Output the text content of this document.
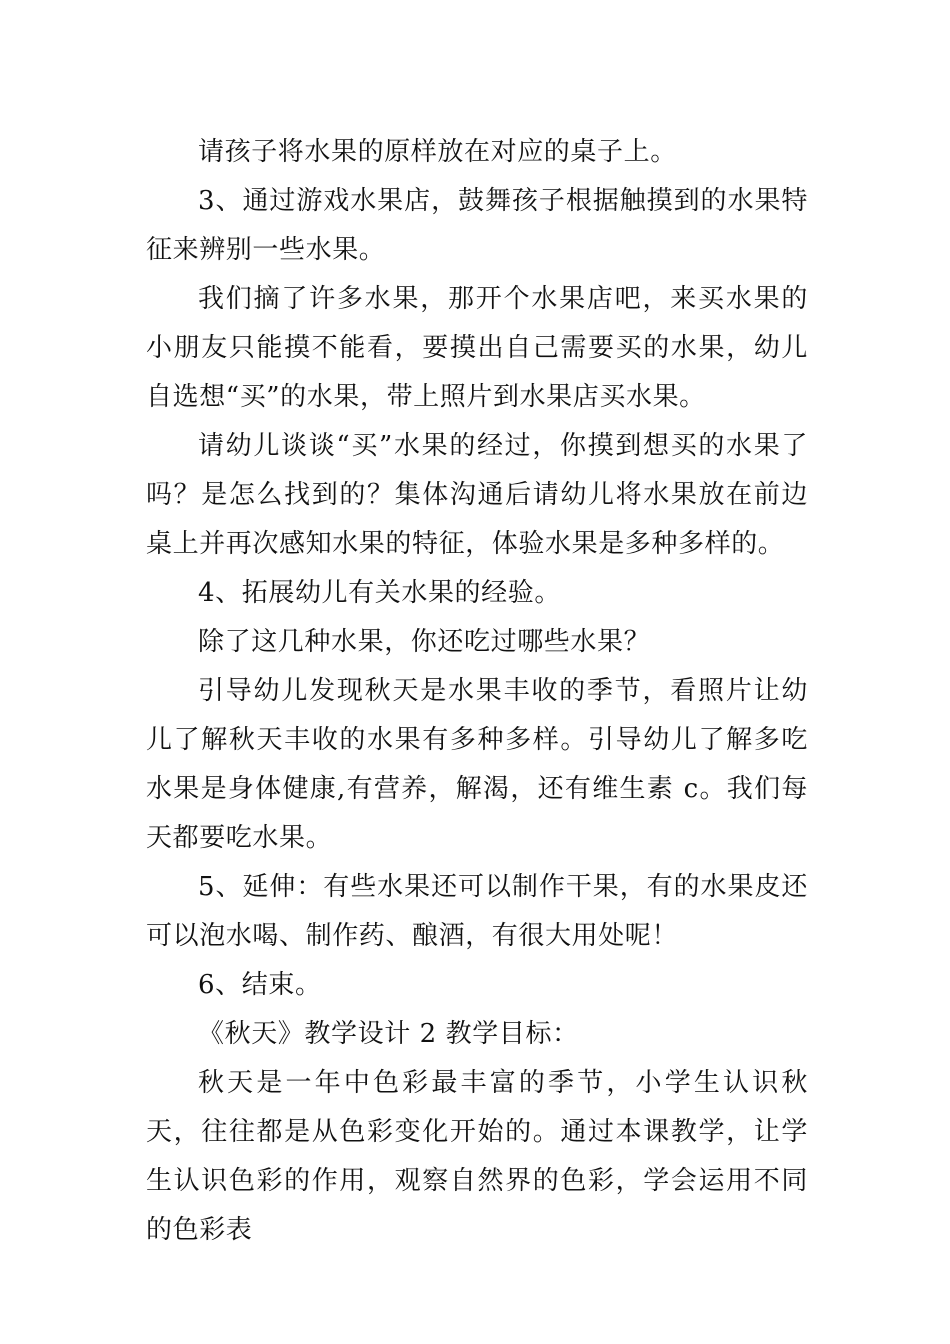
请孩子将水果的原样放在对应的桌子上。

3、通过游戏水果店，鼓舞孩子根据触摸到的水果特征来辨别一些水果。

我们摘了许多水果，那开个水果店吧，来买水果的小朋友只能摸不能看，要摸出自己需要买的水果，幼儿自选想“买”的水果，带上照片到水果店买水果。

请幼儿谈谈“买”水果的经过，你摸到想买的水果了吗？是怎么找到的？集体沟通后请幼儿将水果放在前边桌上并再次感知水果的特征，体验水果是多种多样的。

4、拓展幼儿有关水果的经验。

除了这几种水果，你还吃过哪些水果？

引导幼儿发现秋天是水果丰收的季节，看照片让幼儿了解秋天丰收的水果有多种多样。引导幼儿了解多吃水果是身体健康,有营养，解渴，还有维生素 c。我们每天都要吃水果。

5、延伸：有些水果还可以制作干果，有的水果皮还可以泡水喝、制作药、酿酒，有很大用处呢！

6、结束。

《秋天》教学设计 2 教学目标：

秋天是一年中色彩最丰富的季节，小学生认识秋天，往往都是从色彩变化开始的。通过本课教学，让学生认识色彩的作用，观察自然界的色彩，学会运用不同的色彩表
